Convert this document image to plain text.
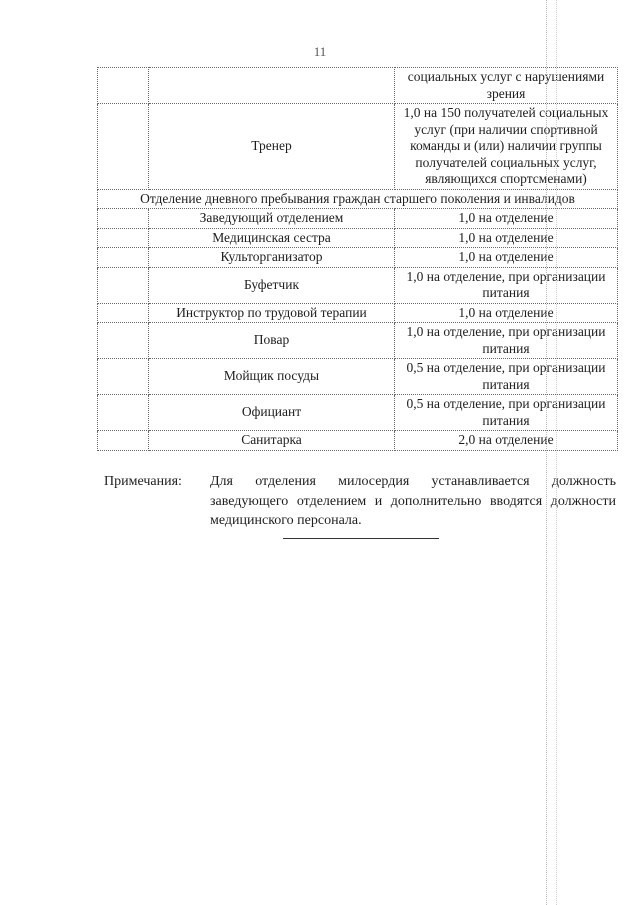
11
		социальных услуг с нарушениями зрения
	Тренер	1,0 на 150 получателей социальных услуг (при наличии спортивной команды и (или) наличии группы получателей социальных услуг, являющихся спортсменами)
Отделение дневного пребывания граждан старшего поколения и инвалидов		
	Заведующий отделением	1,0 на отделение
	Медицинская сестра	1,0 на отделение
	Культорганизатор	1,0 на отделение
	Буфетчик	1,0 на отделение, при организации питания
	Инструктор по трудовой терапии	1,0 на отделение
	Повар	1,0 на отделение, при организации питания
	Мойщик посуды	0,5 на отделение, при организации питания
	Официант	0,5 на отделение, при организации питания
	Санитарка	2,0 на отделение
Примечания: Для отделения милосердия устанавливается должность заведующего отделением и дополнительно вводятся должности медицинского персонала.
